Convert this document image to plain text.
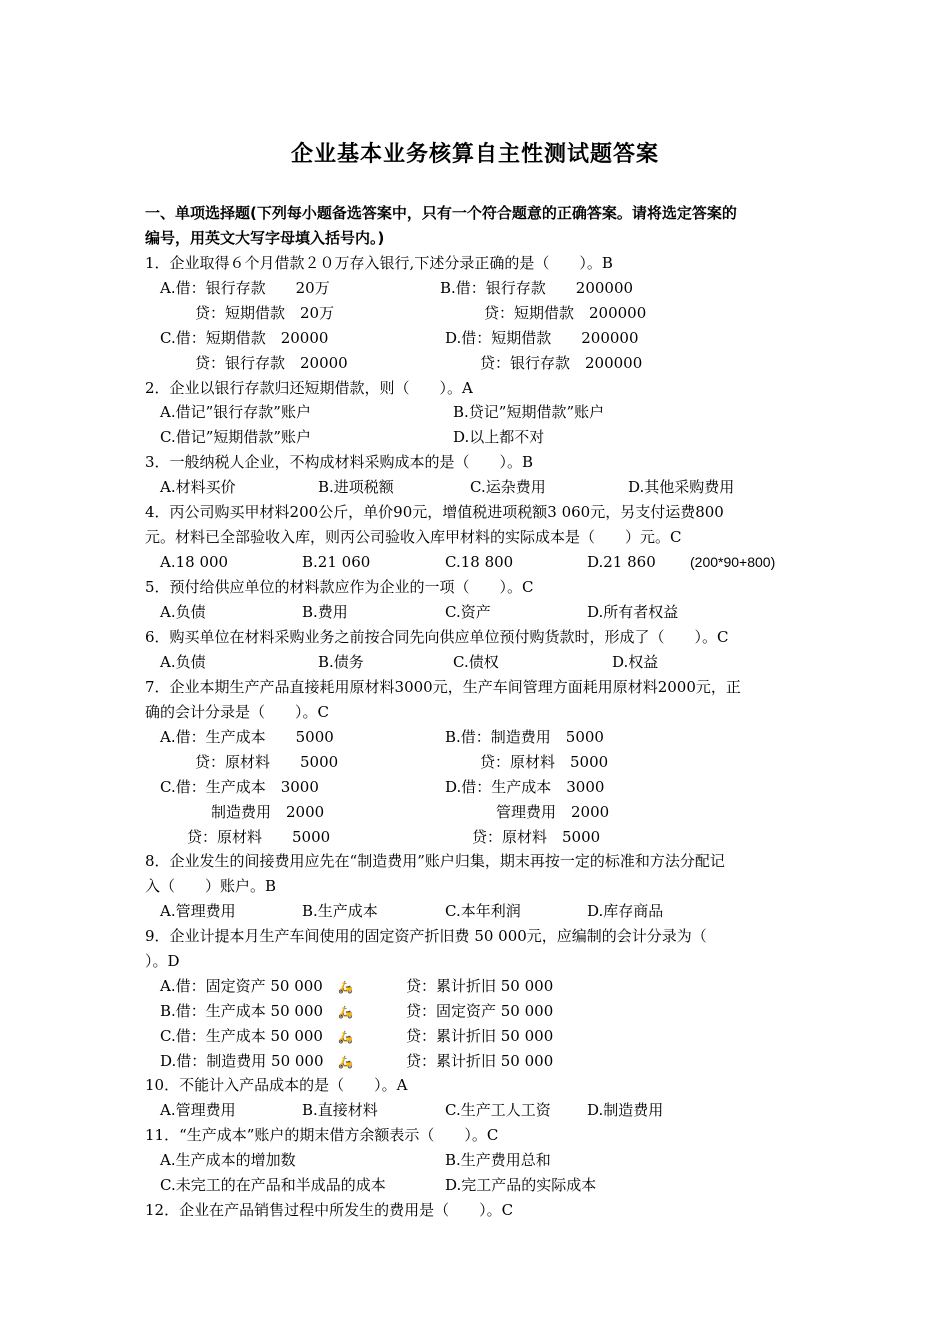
企业基本业务核算自主性测试题答案
一、单项选择题(下列每小题备选答案中，只有一个符合题意的正确答案。请将选定答案的
编号，用英文大写字母填入括号内。)
1．企业取得６个月借款２０万存入银行,下述分录正确的是（　　）。B
A.借：银行存款　　20万	B.借：银行存款　　200000
贷：短期借款　20万	贷：短期借款　200000
C.借：短期借款　20000	D.借：短期借款　　200000
贷：银行存款　20000	贷：银行存款　200000
2．企业以银行存款归还短期借款，则（　　）。A
A.借记”银行存款”账户	B.贷记”短期借款”账户
C.借记”短期借款”账户	D.以上都不对
3．一般纳税人企业，不构成材料采购成本的是（　　）。B
A.材料买价	B.进项税额	C.运杂费用	D.其他采购费用
4．丙公司购买甲材料200公斤，单价90元，增值税进项税额3 060元，另支付运费800
元。材料已全部验收入库，则丙公司验收入库甲材料的实际成本是（　　）元。C
A.18 000	B.21 060	C.18 800	D.21 860 (200*90+800)
5．预付给供应单位的材料款应作为企业的一项（　　）。C
A.负债	B.费用	C.资产	D.所有者权益
6．购买单位在材料采购业务之前按合同先向供应单位预付购货款时，形成了（　　）。C
A.负债	B.债务	C.债权	D.权益
7．企业本期生产产品直接耗用原材料3000元，生产车间管理方面耗用原材料2000元，正
确的会计分录是（　　）。C
A.借：生产成本　　5000	B.借：制造费用　5000
贷：原材料　　5000	贷：原材料　5000
C.借：生产成本　3000	D.借：生产成本　3000
制造费用　2000	管理费用　2000
贷：原材料　　5000	贷：原材料　5000
8．企业发生的间接费用应先在“制造费用”账户归集，期末再按一定的标准和方法分配记
入（　　）账户。B
A.管理费用	B.生产成本	C.本年利润	D.库存商品
9．企业计提本月生产车间使用的固定资产折旧费 50 000元，应编制的会计分录为（
）。D
A.借：固定资产 50 000 🛵	贷：累计折旧 50 000
B.借：生产成本 50 000 🛵	贷：固定资产 50 000
C.借：生产成本 50 000 🛵	贷：累计折旧 50 000
D.借：制造费用 50 000 🛵	贷：累计折旧 50 000
10．不能计入产品成本的是（　　）。A
A.管理费用	B.直接材料	C.生产工人工资 D.制造费用
11．“生产成本”账户的期末借方余额表示（　　）。C
A.生产成本的增加数	B.生产费用总和
C.未完工的在产品和半成品的成本	D.完工产品的实际成本
12．企业在产品销售过程中所发生的费用是（　　）。C
